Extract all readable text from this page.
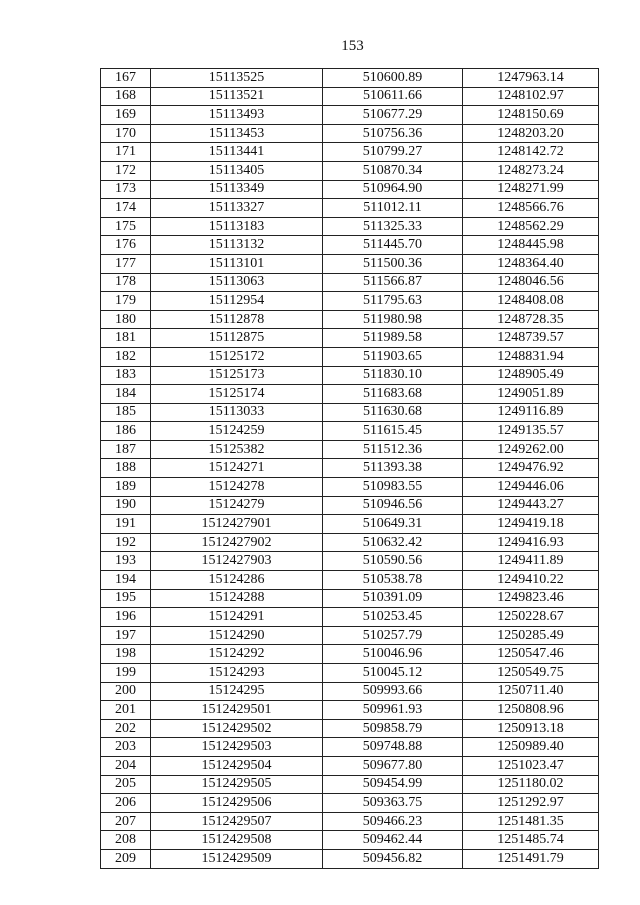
153
167	15113525	510600.89	1247963.14
168	15113521	510611.66	1248102.97
169	15113493	510677.29	1248150.69
170	15113453	510756.36	1248203.20
171	15113441	510799.27	1248142.72
172	15113405	510870.34	1248273.24
173	15113349	510964.90	1248271.99
174	15113327	511012.11	1248566.76
175	15113183	511325.33	1248562.29
176	15113132	511445.70	1248445.98
177	15113101	511500.36	1248364.40
178	15113063	511566.87	1248046.56
179	15112954	511795.63	1248408.08
180	15112878	511980.98	1248728.35
181	15112875	511989.58	1248739.57
182	15125172	511903.65	1248831.94
183	15125173	511830.10	1248905.49
184	15125174	511683.68	1249051.89
185	15113033	511630.68	1249116.89
186	15124259	511615.45	1249135.57
187	15125382	511512.36	1249262.00
188	15124271	511393.38	1249476.92
189	15124278	510983.55	1249446.06
190	15124279	510946.56	1249443.27
191	1512427901	510649.31	1249419.18
192	1512427902	510632.42	1249416.93
193	1512427903	510590.56	1249411.89
194	15124286	510538.78	1249410.22
195	15124288	510391.09	1249823.46
196	15124291	510253.45	1250228.67
197	15124290	510257.79	1250285.49
198	15124292	510046.96	1250547.46
199	15124293	510045.12	1250549.75
200	15124295	509993.66	1250711.40
201	1512429501	509961.93	1250808.96
202	1512429502	509858.79	1250913.18
203	1512429503	509748.88	1250989.40
204	1512429504	509677.80	1251023.47
205	1512429505	509454.99	1251180.02
206	1512429506	509363.75	1251292.97
207	1512429507	509466.23	1251481.35
208	1512429508	509462.44	1251485.74
209	1512429509	509456.82	1251491.79
